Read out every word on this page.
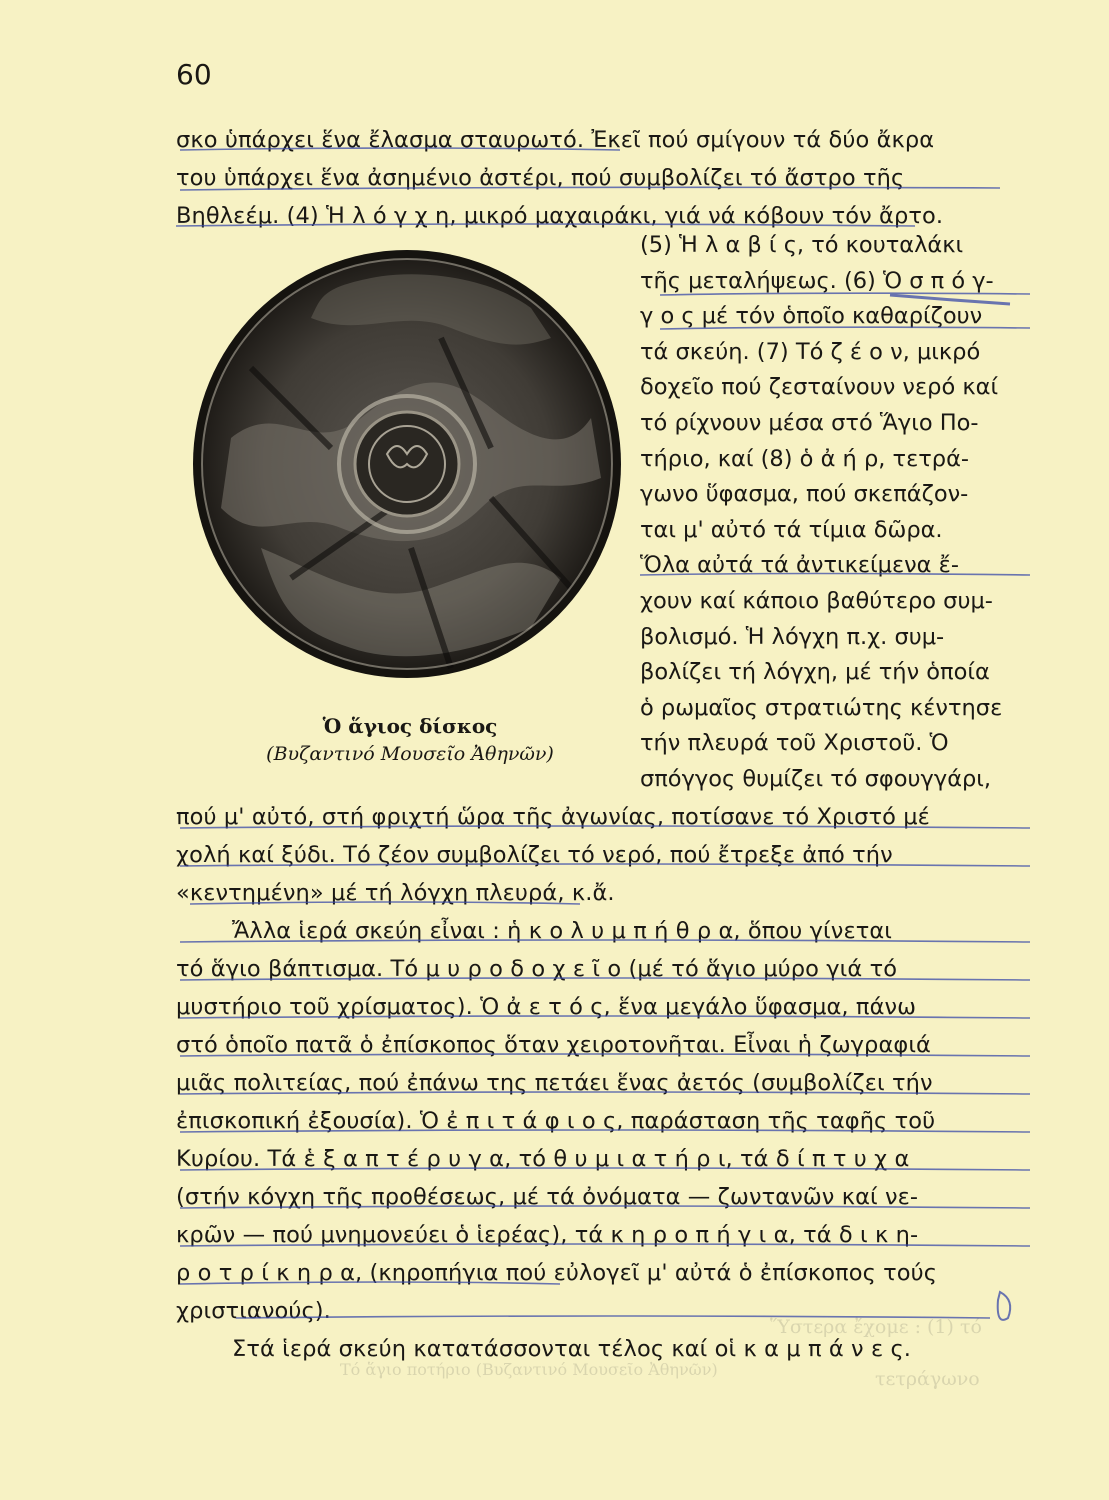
Ὕστερα ἔχομε : (1) τό
τετράγωνο
Τό ἅγιο ποτήριο (Βυζαντινό Μουσεῖο Ἀθηνῶν)
60
σκο ὑπάρχει ἕνα ἔλασμα σταυρωτό. Ἐκεῖ πού σμίγουν τά δύο ἄκρα
του ὑπάρχει ἕνα ἀσημένιο ἀστέρι, πού συμβολίζει τό ἄστρο τῆς
Βηθλεέμ. (4) Ἡ λ ό γ χ η, μικρό μαχαιράκι, γιά νά κόβουν τόν ἄρτο.
(5) Ἡ λ α β ί ς, τό κουταλάκι
τῆς μεταλήψεως. (6) Ὁ σ π ό γ-
γ ο ς μέ τόν ὁποῖο καθαρίζουν
τά σκεύη. (7) Τό ζ έ ο ν, μικρό
δοχεῖο πού ζεσταίνουν νερό καί
τό ρίχνουν μέσα στό Ἅγιο Πο-
τήριο, καί (8) ὁ ἀ ή ρ, τετρά-
γωνο ὕφασμα, πού σκεπάζον-
ται μ' αὐτό τά τίμια δῶρα.
Ὅλα αὐτά τά ἀντικείμενα ἔ-
χουν καί κάποιο βαθύτερο συμ-
βολισμό. Ἡ λόγχη π.χ. συμ-
βολίζει τή λόγχη, μέ τήν ὁποία
ὁ ρωμαῖος στρατιώτης κέντησε
τήν πλευρά τοῦ Χριστοῦ. Ὁ
σπόγγος θυμίζει τό σφουγγάρι,
Ὁ ἅγιος δίσκος
(Βυζαντινό Μουσεῖο Ἀθηνῶν)
πού μ' αὐτό, στή φριχτή ὥρα τῆς ἀγωνίας, ποτίσανε τό Χριστό μέ
χολή καί ξύδι. Τό ζέον συμβολίζει τό νερό, πού ἔτρεξε ἀπό τήν
«κεντημένη» μέ τή λόγχη πλευρά, κ.ἄ.
Ἄλλα ἱερά σκεύη εἶναι : ἡ κ ο λ υ μ π ή θ ρ α, ὅπου γίνεται
τό ἅγιο βάπτισμα. Τό μ υ ρ ο δ ο χ ε ῖ ο (μέ τό ἅγιο μύρο γιά τό
μυστήριο τοῦ χρίσματος). Ὁ ἀ ε τ ό ς, ἕνα μεγάλο ὕφασμα, πάνω
στό ὁποῖο πατᾶ ὁ ἐπίσκοπος ὅταν χειροτονῆται. Εἶναι ἡ ζωγραφιά
μιᾶς πολιτείας, πού ἐπάνω της πετάει ἕνας ἀετός (συμβολίζει τήν
ἐπισκοπική ἐξουσία). Ὁ ἐ π ι τ ά φ ι ο ς, παράσταση τῆς ταφῆς τοῦ
Κυρίου. Τά ἑ ξ α π τ έ ρ υ γ α, τό θ υ μ ι α τ ή ρ ι, τά δ ί π τ υ χ α
(στήν κόγχη τῆς προθέσεως, μέ τά ὀνόματα — ζωντανῶν καί νε-
κρῶν — πού μνημονεύει ὁ ἱερέας), τά κ η ρ ο π ή γ ι α, τά δ ι κ η-
ρ ο τ ρ ί κ η ρ α, (κηροπήγια πού εὐλογεῖ μ' αὐτά ὁ ἐπίσκοπος τούς
χριστιανούς).
Στά ἱερά σκεύη κατατάσσονται τέλος καί οἱ κ α μ π ά ν ε ς.
